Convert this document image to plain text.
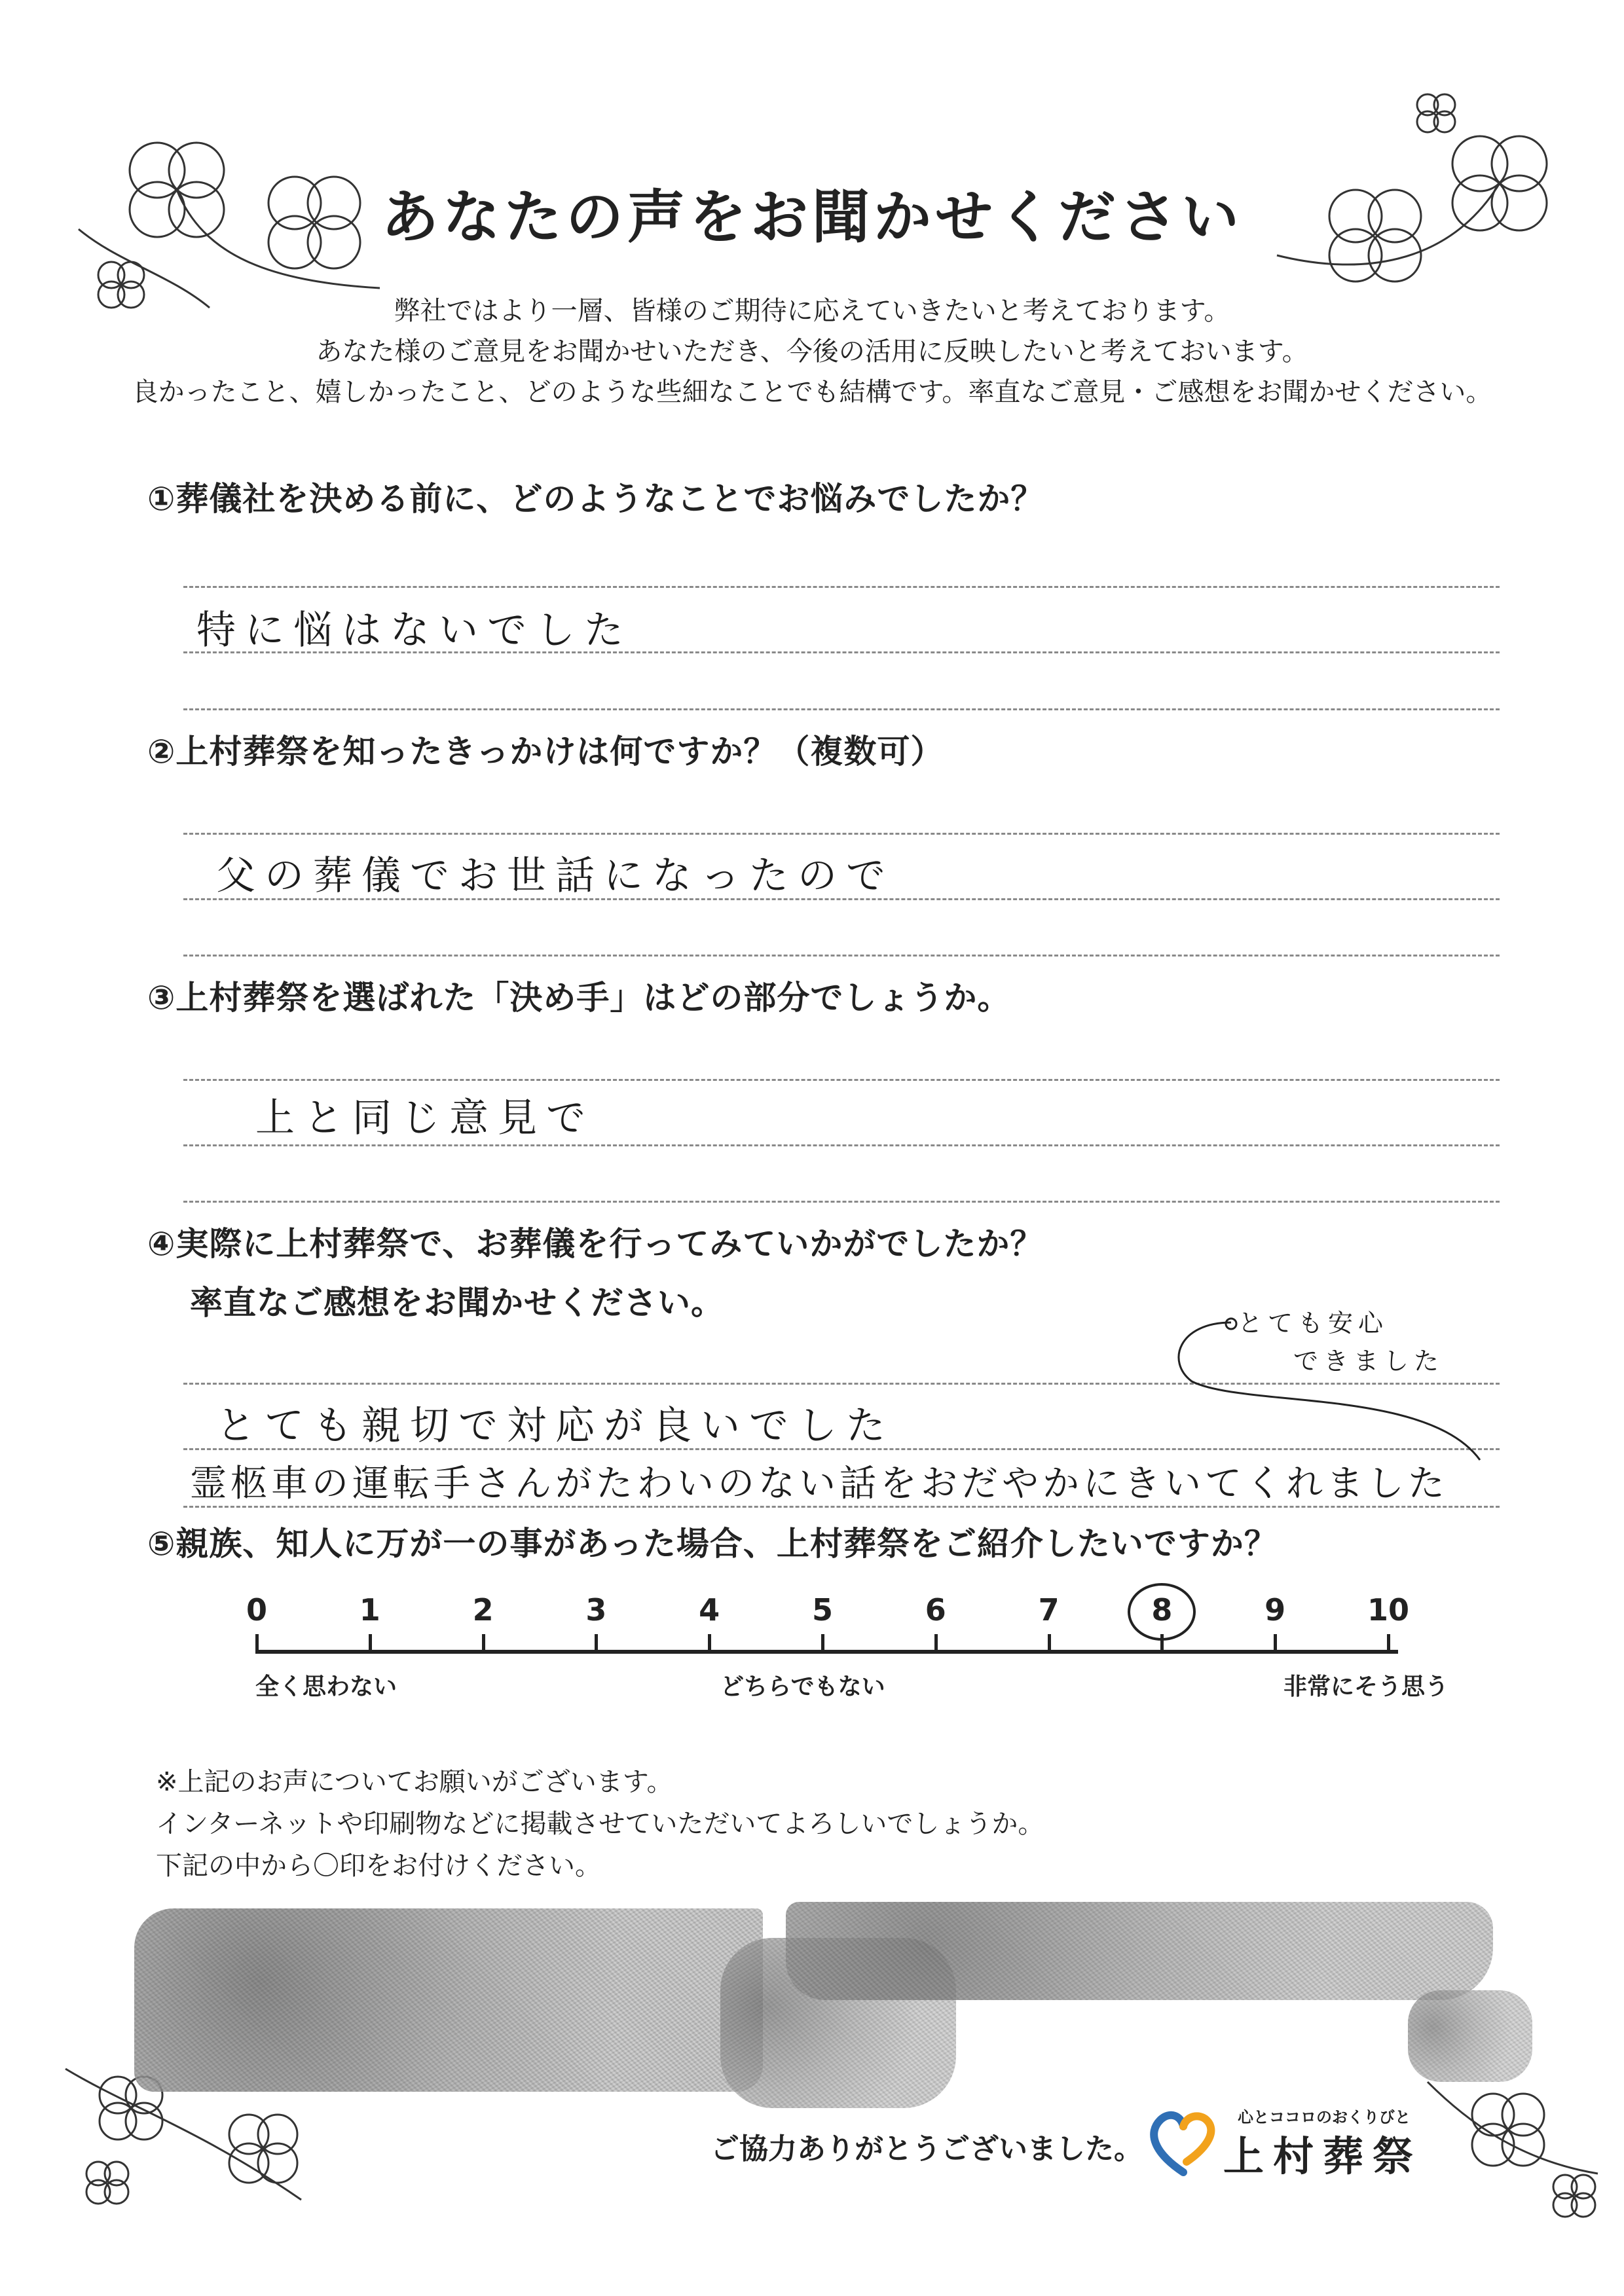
あなたの声をお聞かせください
弊社ではより一層、皆様のご期待に応えていきたいと考えております。
あなた様のご意見をお聞かせいただき、今後の活用に反映したいと考えておいます。
良かったこと、嬉しかったこと、どのような些細なことでも結構です。率直なご意見・ご感想をお聞かせください。
①葬儀社を決める前に、どのようなことでお悩みでしたか？
特に悩はないでした
②上村葬祭を知ったきっかけは何ですか？（複数可）
父の葬儀でお世話になったので
③上村葬祭を選ばれた「決め手」はどの部分でしょうか。
上と同じ意見で
④実際に上村葬祭で、お葬儀を行ってみていかがでしたか？
率直なご感想をお聞かせください。
とても親切で対応が良いでした
霊柩車の運転手さんがたわいのない話をおだやかにきいてくれました
とても安心
できました
⑤親族、知人に万が一の事があった場合、上村葬祭をご紹介したいですか？
0	1	2	3	4	5	6	7	8	9	10
全く思わない	どちらでもない	非常にそう思う
※上記のお声についてお願いがございます。
インターネットや印刷物などに掲載させていただいてよろしいでしょうか。
下記の中から〇印をお付けください。
ご協力ありがとうございました。
心とココロのおくりびと
上村葬祭
